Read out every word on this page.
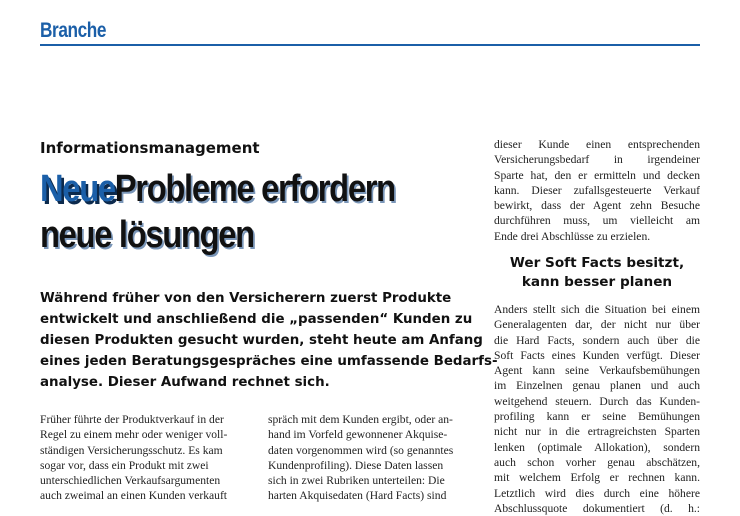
Branche
Informationsmanagement
NeueProbleme erfordern
neue lösungen
Während früher von den Versicherern zuerst Produkte
entwickelt und anschließend die „passenden“ Kunden zu
diesen Produkten gesucht wurden, steht heute am Anfang
eines jeden Beratungsgespräches eine umfassende Bedarfs-
analyse. Dieser Aufwand rechnet sich.
Früher führte der Produktverkauf in der
Regel zu einem mehr oder weniger voll-
ständigen Versicherungsschutz. Es kam
sogar vor, dass ein Produkt mit zwei
unterschiedlichen Verkaufsargumenten
auch zweimal an einen Kunden verkauft
spräch mit dem Kunden ergibt, oder an-
hand im Vorfeld gewonnener Akquise-
daten vorgenommen wird (so genanntes
Kundenprofiling). Diese Daten lassen
sich in zwei Rubriken unterteilen: Die
harten Akquisedaten (Hard Facts) sind
dieser Kunde einen entsprechenden
Versicherungsbedarf in irgendeiner
Sparte hat, den er ermitteln und decken
kann. Dieser zufallsgesteuerte Verkauf
bewirkt, dass der Agent zehn Besuche
durchführen muss, um vielleicht am
Ende drei Abschlüsse zu erzielen.
Wer Soft Facts besitzt,
kann besser planen
Anders stellt sich die Situation bei einem
Generalagenten dar, der nicht nur über
die Hard Facts, sondern auch über die
Soft Facts eines Kunden verfügt. Dieser
Agent kann seine Verkaufsbemühungen
im Einzelnen genau planen und auch
weitgehend steuern. Durch das Kunden-
profiling kann er seine Bemühungen
nicht nur in die ertragreichsten Sparten
lenken (optimale Allokation), sondern
auch schon vorher genau abschätzen,
mit welchem Erfolg er rechnen kann.
Letztlich wird dies durch eine höhere
Abschlussquote dokumentiert (d. h.:
